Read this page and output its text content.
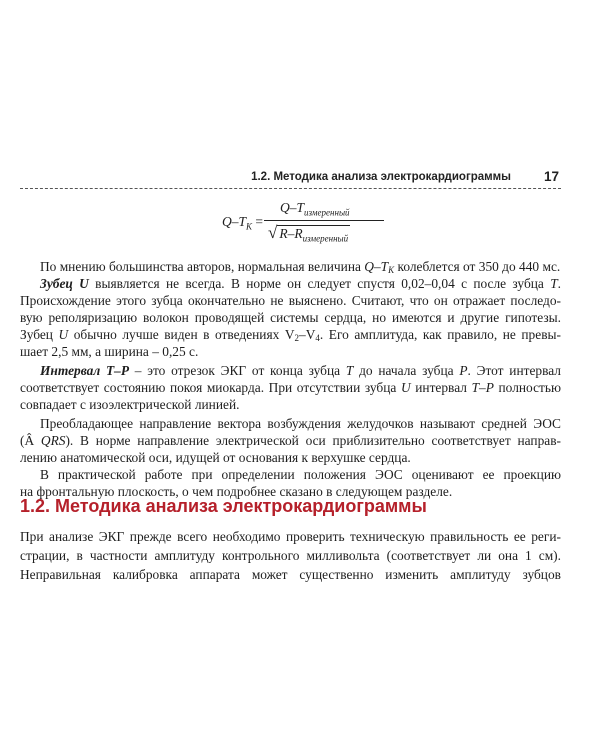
1.2. Методика анализа электрокардиограммы 17
$Q-T_K$ =
$Q-T_{измеренный}$
√ $R-R_{измеренный}$
По мнению большинства авторов, нормальная величина $Q-T_K$ колеблется от 350 до 440 мс.
Зубец U выявляется не всегда. В норме он следует спустя 0,02–0,04 с после зубца T.
Происхождение этого зубца окончательно не выяснено. Считают, что он отражает последо-
вую реполяризацию волокон проводящей системы сердца, но имеются и другие гипотезы.
Зубец U обычно лучше виден в отведениях $V_2-V_4$. Его амплитуда, как правило, не превы-
шает 2,5 мм, а ширина – 0,25 с.
Интервал T–P – это отрезок ЭКГ от конца зубца T до начала зубца P. Этот интервал
соответствует состоянию покоя миокарда. При отсутствии зубца U интервал T–P полностью
совпадает с изоэлектрической линией.
Преобладающее направление вектора возбуждения желудочков называют средней ЭОС
(Â QRS). В норме направление электрической оси приблизительно соответствует направ-
лению анатомической оси, идущей от основания к верхушке сердца.
В практической работе при определении положения ЭОС оценивают ее проекцию
на фронтальную плоскость, о чем подробнее сказано в следующем разделе.
1.2. Методика анализа электрокардиограммы
При анализе ЭКГ прежде всего необходимо проверить техническую правильность ее реги-
страции, в частности амплитуду контрольного милливольта (соответствует ли она 1 см).
Неправильная калибровка аппарата может существенно изменить амплитуду зубцов
